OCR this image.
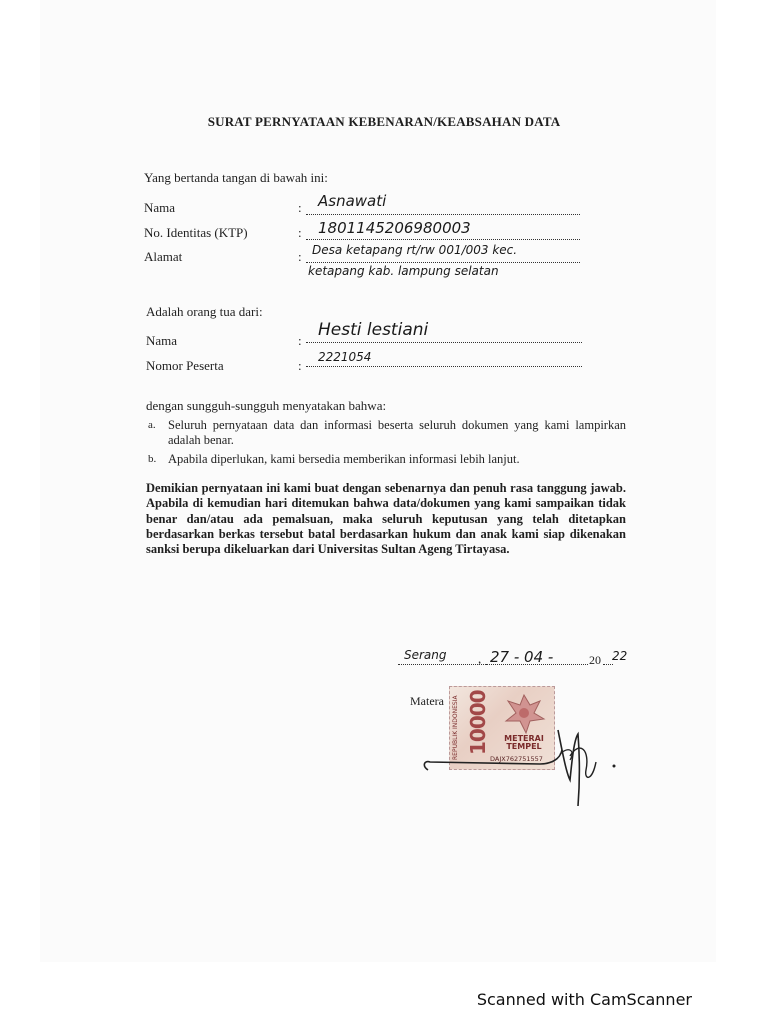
SURAT PERNYATAAN KEBENARAN/KEABSAHAN DATA
Yang bertanda tangan di bawah ini:
Nama	: Asnawati
No. Identitas (KTP)	: 1801145206980003
Alamat	: Desa ketapang rt/rw 001/003 kec.
ketapang kab. lampung selatan
Adalah orang tua dari:
Nama	:
Hesti lestiani
Nomor Peserta	:
2221054
dengan sungguh-sungguh menyatakan bahwa:
a. Seluruh pernyataan data dan informasi beserta seluruh dokumen yang kami lampirkan adalah benar.
b. Apabila diperlukan, kami bersedia memberikan informasi lebih lanjut.
Demikian pernyataan ini kami buat dengan sebenarnya dan penuh rasa tanggung jawab. Apabila di kemudian hari ditemukan bahwa data/dokumen yang kami sampaikan tidak benar dan/atau ada pemalsuan, maka seluruh keputusan yang telah ditetapkan berdasarkan berkas tersebut batal berdasarkan hukum dan anak kami siap dikenakan sanksi berupa dikeluarkan dari Universitas Sultan Ageng Tirtayasa.
Serang , 27 - 04 -	20 22
Matera REPUBLIK INDONESIA 10000	METERAI
TEMPEL
DAJX762751557
Scanned with CamScanner
